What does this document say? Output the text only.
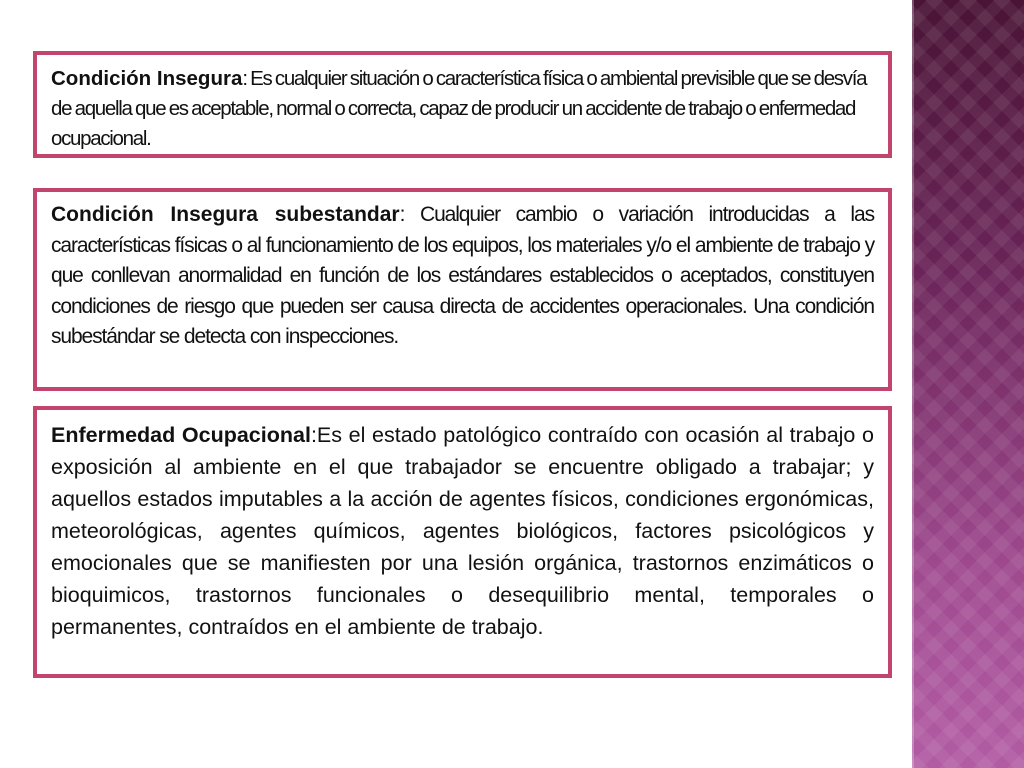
Condición Insegura: Es cualquier situación o característica física o ambiental previsible que se desvía de aquella que es aceptable, normal o correcta, capaz de producir un accidente de trabajo o enfermedad ocupacional.
Condición Insegura subestandar: Cualquier cambio o variación introducidas a las características físicas o al funcionamiento de los equipos, los materiales y/o el ambiente de trabajo y que conllevan anormalidad en función de los estándares establecidos o aceptados, constituyen condiciones de riesgo que pueden ser causa directa de accidentes operacionales. Una condición subestándar se detecta con inspecciones.
Enfermedad Ocupacional:Es el estado patológico contraído con ocasión al trabajo o exposición al ambiente en el que trabajador se encuentre obligado a trabajar; y aquellos estados imputables a la acción de agentes físicos, condiciones ergonómicas, meteorológicas, agentes químicos, agentes biológicos, factores psicológicos y emocionales que se manifiesten por una lesión orgánica, trastornos enzimáticos o bioquimicos, trastornos funcionales o desequilibrio mental, temporales o permanentes, contraídos en el ambiente de trabajo.
